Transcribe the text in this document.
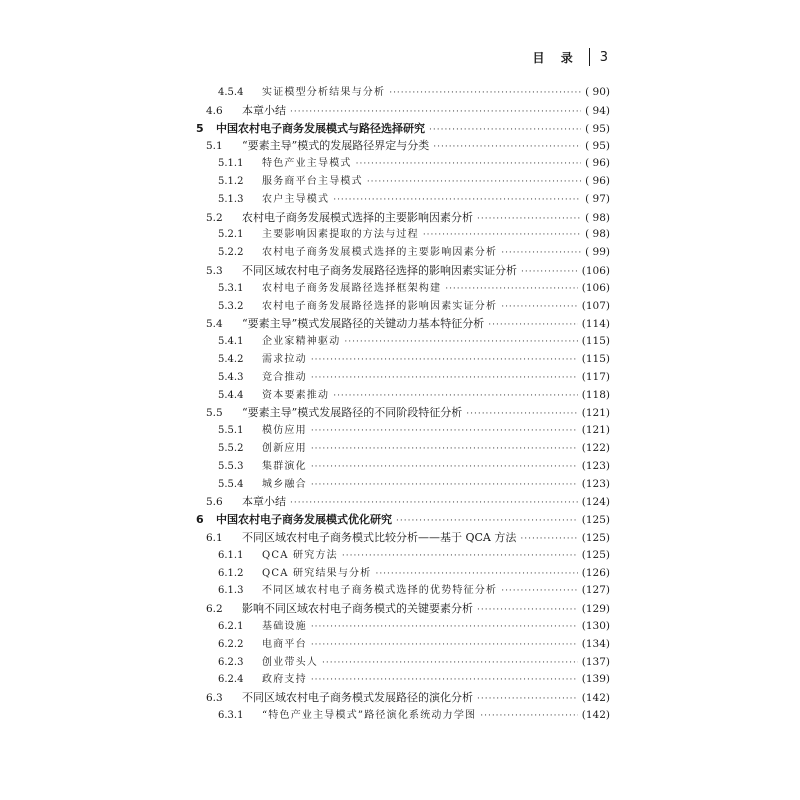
目 录 3
4.5.4	实证模型分析结果与分析 ·····	( 90)
4.6	本章小结 ·····	( 94)
5	中国农村电子商务发展模式与路径选择研究 ·····	( 95)
5.1	“要素主导”模式的发展路径界定与分类 ·····	( 95)
5.1.1	特色产业主导模式 ·····	( 96)
5.1.2	服务商平台主导模式 ·····	( 96)
5.1.3	农户主导模式 ·····	( 97)
5.2	农村电子商务发展模式选择的主要影响因素分析 ·····	( 98)
5.2.1	主要影响因素提取的方法与过程 ·····	( 98)
5.2.2	农村电子商务发展模式选择的主要影响因素分析 ·····	( 99)
5.3	不同区域农村电子商务发展路径选择的影响因素实证分析 ·····	(106)
5.3.1	农村电子商务发展路径选择框架构建 ·····	(106)
5.3.2	农村电子商务发展路径选择的影响因素实证分析 ·····	(107)
5.4	“要素主导”模式发展路径的关键动力基本特征分析 ·····	(114)
5.4.1	企业家精神驱动 ·····	(115)
5.4.2	需求拉动 ·····	(115)
5.4.3	竞合推动 ·····	(117)
5.4.4	资本要素推动 ·····	(118)
5.5	“要素主导”模式发展路径的不同阶段特征分析 ·····	(121)
5.5.1	模仿应用 ·····	(121)
5.5.2	创新应用 ·····	(122)
5.5.3	集群演化 ·····	(123)
5.5.4	城乡融合 ·····	(123)
5.6	本章小结 ·····	(124)
6	中国农村电子商务发展模式优化研究 ·····	(125)
6.1	不同区域农村电子商务模式比较分析——基于 QCA 方法 ·····	(125)
6.1.1	QCA 研究方法 ·····	(125)
6.1.2	QCA 研究结果与分析 ·····	(126)
6.1.3	不同区域农村电子商务模式选择的优势特征分析 ·····	(127)
6.2	影响不同区域农村电子商务模式的关键要素分析 ·····	(129)
6.2.1	基础设施 ·····	(130)
6.2.2	电商平台 ·····	(134)
6.2.3	创业带头人 ·····	(137)
6.2.4	政府支持 ·····	(139)
6.3	不同区域农村电子商务模式发展路径的演化分析 ·····	(142)
6.3.1	“特色产业主导模式”路径演化系统动力学图 ·····	(142)
